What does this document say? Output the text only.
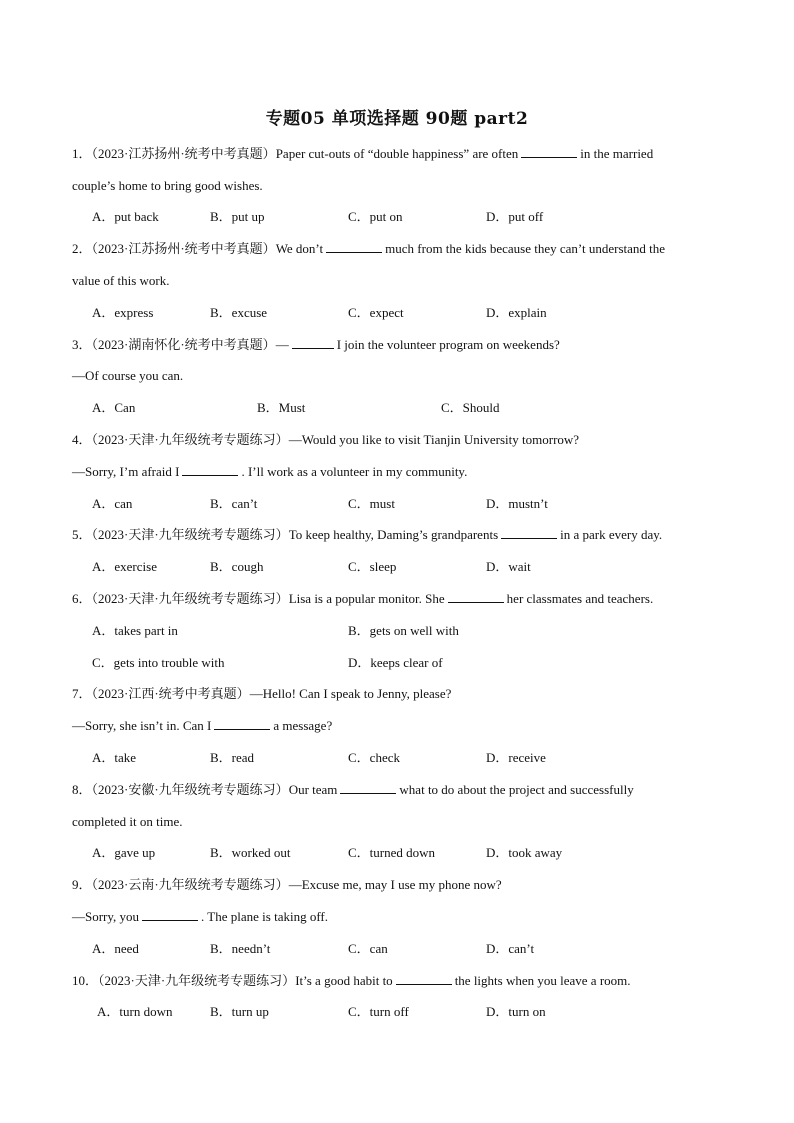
专题05 单项选择题 90题 part2
1．（2023·江苏扬州·统考中考真题）Paper cut-outs of “double happiness” are often	in the married
couple’s home to bring good wishes.
A．put back	B．put up	C．put on	D．put off
2．（2023·江苏扬州·统考中考真题）We don’t	much from the kids because they can’t understand the
value of this work.
A．express	B．excuse	C．expect	D．explain
3．（2023·湖南怀化·统考中考真题）—	I join the volunteer program on weekends?
—Of course you can.
A．Can	B．Must	C．Should
4．（2023·天津·九年级统考专题练习）—Would you like to visit Tianjin University tomorrow?
—Sorry, I’m afraid I	. I’ll work as a volunteer in my community.
A．can	B．can’t	C．must	D．mustn’t
5．（2023·天津·九年级统考专题练习）To keep healthy, Daming’s grandparents	in a park every day.
A．exercise	B．cough	C．sleep	D．wait
6．（2023·天津·九年级统考专题练习）Lisa is a popular monitor. She	her classmates and teachers.
A．takes part in	B．gets on well with
C．gets into trouble with	D．keeps clear of
7．（2023·江西·统考中考真题）—Hello! Can I speak to Jenny, please?
—Sorry, she isn’t in. Can I	a message?
A．take	B．read	C．check	D．receive
8．（2023·安徽·九年级统考专题练习）Our team	what to do about the project and successfully
completed it on time.
A．gave up	B．worked out	C．turned down	D．took away
9．（2023·云南·九年级统考专题练习）—Excuse me, may I use my phone now?
—Sorry, you	. The plane is taking off.
A．need	B．needn’t	C．can	D．can’t
10．（2023·天津·九年级统考专题练习）It’s a good habit to	the lights when you leave a room.
A．turn down	B．turn up	C．turn off	D．turn on
